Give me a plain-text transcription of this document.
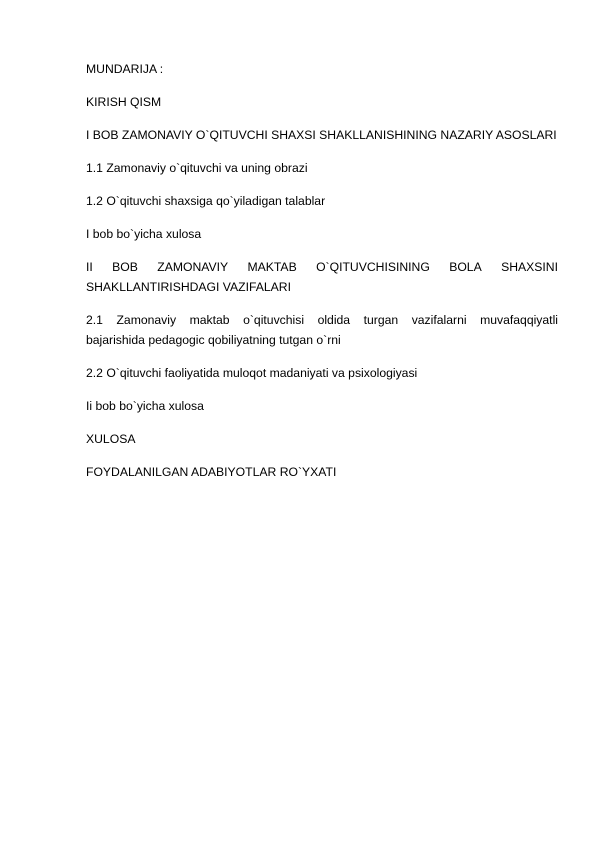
MUNDARIJA :
KIRISH QISM
I BOB ZAMONAVIY O`QITUVCHI SHAXSI SHAKLLANISHINING NAZARIY ASOSLARI
1.1 Zamonaviy o`qituvchi va uning obrazi
1.2 O`qituvchi shaxsiga qo`yiladigan talablar
I bob bo`yicha xulosa
II BOB ZAMONAVIY MAKTAB O`QITUVCHISINING BOLA SHAXSINI
SHAKLLANTIRISHDAGI VAZIFALARI
2.1 Zamonaviy maktab o`qituvchisi oldida turgan vazifalarni muvafaqqiyatli
bajarishida pedagogic qobiliyatning tutgan o`rni
2.2 O`qituvchi faoliyatida muloqot madaniyati va psixologiyasi
Ii bob bo`yicha xulosa
XULOSA
FOYDALANILGAN ADABIYOTLAR RO`YXATI
